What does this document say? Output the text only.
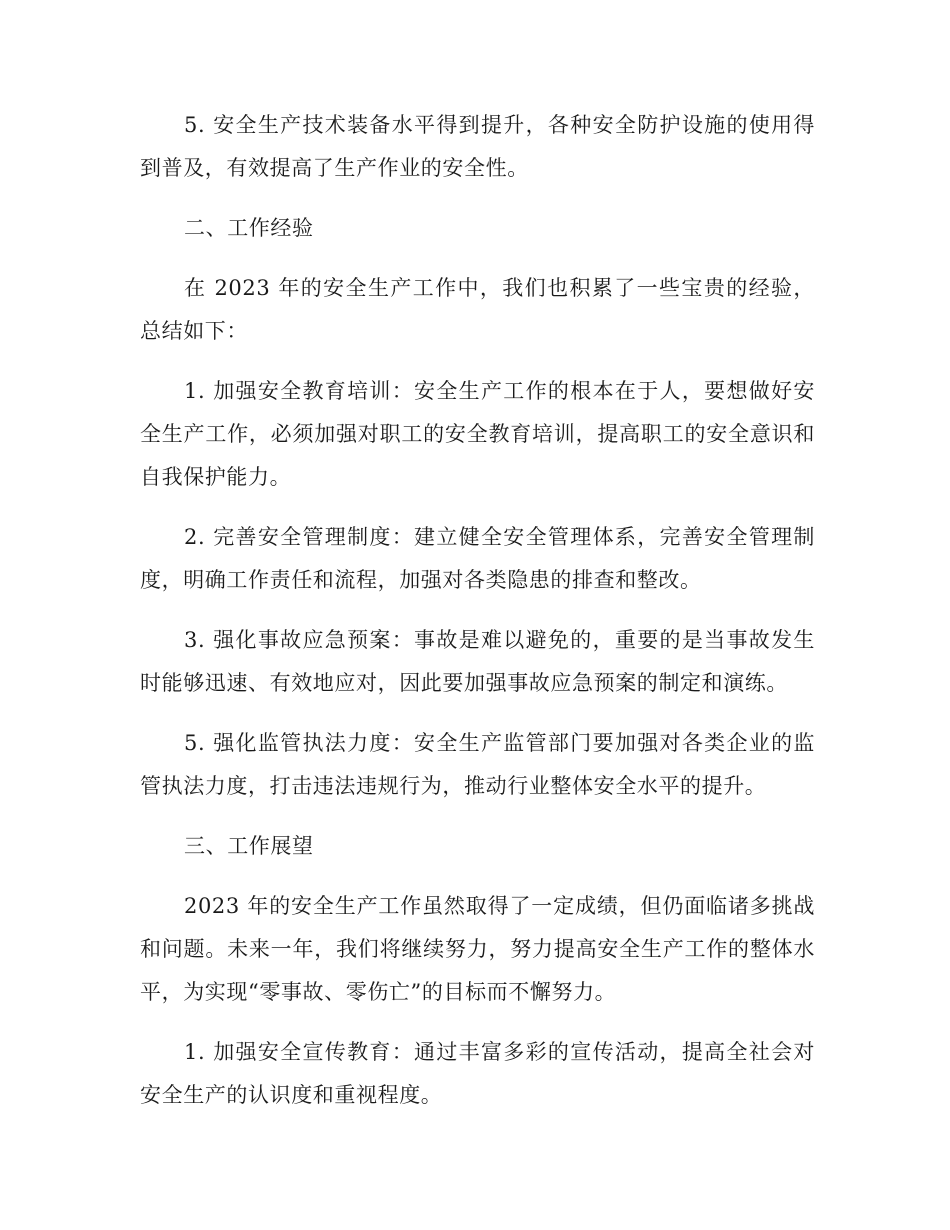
5. 安全生产技术装备水平得到提升，各种安全防护设施的使用得到普及，有效提高了生产作业的安全性。

二、工作经验

在 2023 年的安全生产工作中，我们也积累了一些宝贵的经验，总结如下：

1. 加强安全教育培训：安全生产工作的根本在于人，要想做好安全生产工作，必须加强对职工的安全教育培训，提高职工的安全意识和自我保护能力。

2. 完善安全管理制度：建立健全安全管理体系，完善安全管理制度，明确工作责任和流程，加强对各类隐患的排查和整改。

3. 强化事故应急预案：事故是难以避免的，重要的是当事故发生时能够迅速、有效地应对，因此要加强事故应急预案的制定和演练。

5. 强化监管执法力度：安全生产监管部门要加强对各类企业的监管执法力度，打击违法违规行为，推动行业整体安全水平的提升。

三、工作展望

2023 年的安全生产工作虽然取得了一定成绩，但仍面临诸多挑战和问题。未来一年，我们将继续努力，努力提高安全生产工作的整体水平，为实现“零事故、零伤亡”的目标而不懈努力。

1. 加强安全宣传教育：通过丰富多彩的宣传活动，提高全社会对安全生产的认识度和重视程度。
